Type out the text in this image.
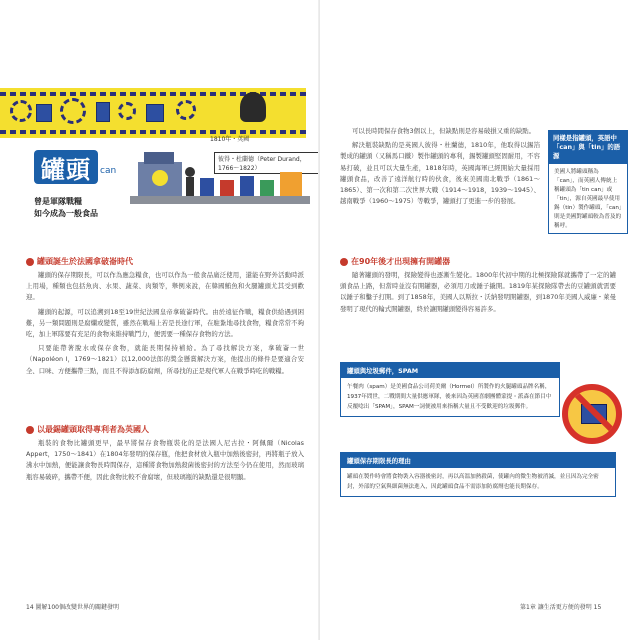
1810年・英國
彼得・杜蘭德（Peter Durand，1766〜1822）
罐頭	can
曾是軍隊戰糧
如今成為一般食品
罐頭誕生於法國拿破崙時代

罐頭的保存期限長，可以作為應急糧食，也可以作為一般食品廣泛使用，還能在野外活動時派上用場，種類也包括魚肉、水果、蔬菜、肉類等，舉例來說，在韓國鮪魚和火腿罐頭尤其受到歡迎。

罐頭的起源，可以追溯到18至19世紀法國皇帝拿破崙時代。由於遠征作戰，糧食供給遇到困難，另一類問題則是腐爛或變質，雖然在戰場上若是長途行軍，在駐紮地尋找食物，糧食常常不夠吃，加上軍隊要有充足的食物來維持戰鬥力，便需要一種保存食物的方法。

只要能帶著脫水或保存食物，就能長期保持補給。為了尋找解決方案，拿破崙一世（Napoléon I，1769〜1821）以12,000法郎的獎金懸賞解決方案，他提出的條件是要適合安全、口味、方便攜帶三點，而且不得添加防腐劑，所尋找的正是現代軍人在戰爭時吃的戰糧。

以最錫罐頭取得專利者為英國人

瓶裝的食物比罐頭更早，最早將保存食物瓶裝化的是法國人尼古拉・阿佩爾（Nicolas Appert，1750〜1841）在1804年發明的保存瓶，他把食材放入瓶中加熱後密封，再將瓶子放入沸水中加熱，便能讓食物長時間保存，這種將食物加熱殺菌後密封的方法至今仍在使用，然而玻璃瓶容易破碎，攜帶不便，因此食物比較不會腐壞，但玻璃瓶的缺點還是很明顯。

14 圖解100個改變世界的關鍵發明

可以長時間保存食物3個以上，但缺點則是容易破損又重的缺點。

解決瓶裝缺點的是英國人彼得・杜蘭德，1810年，他取得以錫箔製成的罐頭（又稱馬口鐵）製作罐頭的專利，錫製罐頭堅固耐用，不容易打破，並且可以大量生產，1818年時，英國海軍已經開始大量採用罐頭食品，改善了遠洋航行時的伙食，後來美國南北戰爭（1861〜1865）、第一次和第二次世界大戰（1914〜1918，1939〜1945）、越南戰爭（1960〜1975）等戰爭，罐頭打了更進一步的發展。

在90年後才出現擁有開罐器

隨著罐頭的發明，探險變得也逐漸生變化。1800年代初中期的北極探險隊就攜帶了一定的罐頭食品上路，但當時並沒有開罐器，必須用刀或錘子撬開。1819年某探險隊帶去的豆罐頭就需要以錘子和鑿子打開。到了1858年，美國人以斯拉・沃納發明開罐器，到1870年美國人威廉・萊曼發明了現代的輪式開罐器，終於讓開罐頭變得容易許多。

第1章 讓生活更方便的發明 15
同樣是指罐頭，英語中「can」與「tin」的語源
美國人將罐頭稱為「can」，而英國人傳統上稱罐頭為「tin can」或「tin」，源自英國最早使用錫（tin）製作罐頭，「can」則是美國對罐頭較為普及的稱呼。
罐頭與垃圾郵件，SPAM
午餐肉（spam）是美國食品公司荷美爾（Hormel）所製作的火腿罐頭品牌名稱，1937年問世，二戰期間大量供應軍隊，後來因為英國喜劇團體蒙提・派森在節目中反覆唸出「SPAM」，SPAM一詞便被用來指稱大量且不受歡迎的垃圾郵件。
罐頭保存期限長的理由
罐頭在製作時會將食物裝入容器後密封，再以高溫加熱殺菌，使罐內的微生物被消滅，並且因為完全密封，外部的空氣與細菌無法進入，因此罐頭食品不需添加防腐劑也能長期保存。
